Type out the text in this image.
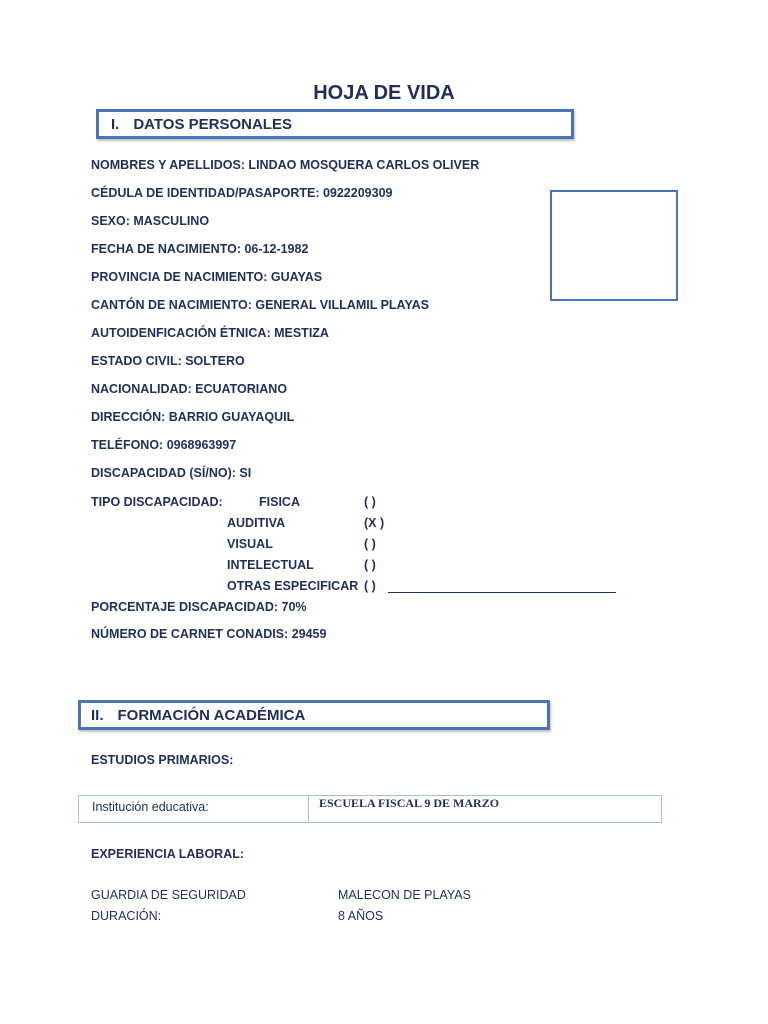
HOJA DE VIDA
I. DATOS PERSONALES
NOMBRES Y APELLIDOS: LINDAO MOSQUERA CARLOS OLIVER
CÉDULA DE IDENTIDAD/PASAPORTE: 0922209309
SEXO: MASCULINO
FECHA DE NACIMIENTO: 06-12-1982
PROVINCIA DE NACIMIENTO: GUAYAS
CANTÓN DE NACIMIENTO: GENERAL VILLAMIL PLAYAS
AUTOIDENFICACIÓN ÉTNICA: MESTIZA
ESTADO CIVIL: SOLTERO
NACIONALIDAD: ECUATORIANO
DIRECCIÓN: BARRIO GUAYAQUIL
TELÉFONO: 0968963997
DISCAPACIDAD (SÍ/NO): SI
TIPO DISCAPACIDAD:	FISICA	( )
AUDITIVA	(X )
VISUAL	( )
INTELECTUAL	( )
OTRAS ESPECIFICAR ( )
PORCENTAJE DISCAPACIDAD: 70%
NÚMERO DE CARNET CONADIS: 29459
II. FORMACIÓN ACADÉMICA
ESTUDIOS PRIMARIOS:
Institución educativa:	ESCUELA FISCAL 9 DE MARZO
EXPERIENCIA LABORAL:
GUARDIA DE SEGURIDAD	MALECON DE PLAYAS
DURACIÓN:	8 AÑOS
